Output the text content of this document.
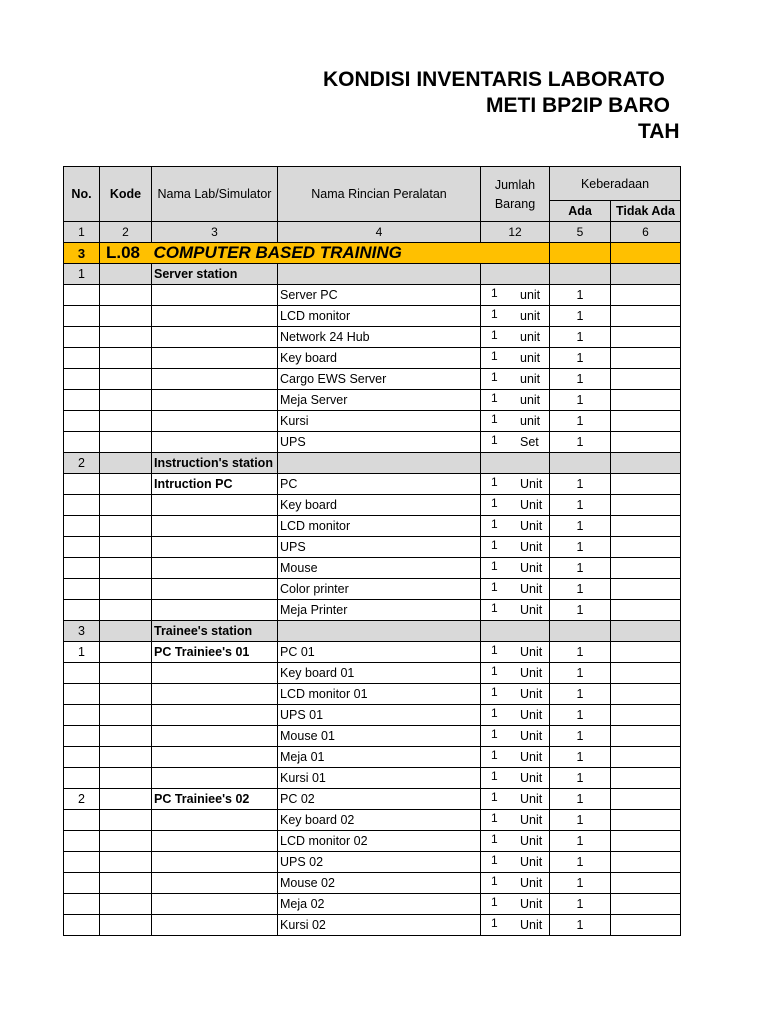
KONDISI INVENTARIS LABORATO
METI BP2IP BARO
TAH
No.	Kode	Nama Lab/Simulator	Nama Rincian Peralatan	Jumlah
Barang	Keberadaan	
					Ada	Tidak Ada
1	2	3	4	12	5	6
3	L.08	COMPUTER BASED TRAINING				
1		Server station				
			Server PC	1 unit	1	
			LCD monitor	1 unit	1	
			Network 24 Hub	1 unit	1	
			Key board	1 unit	1	
			Cargo EWS Server	1 unit	1	
			Meja Server	1 unit	1	
			Kursi	1 unit	1	
			UPS	1 Set	1	
2		Instruction's station				
		Intruction PC	PC	1 Unit	1	
			Key board	1 Unit	1	
			LCD monitor	1 Unit	1	
			UPS	1 Unit	1	
			Mouse	1 Unit	1	
			Color printer	1 Unit	1	
			Meja Printer	1 Unit	1	
3		Trainee's station				
1		PC Trainiee's 01	PC 01	1 Unit	1	
			Key board 01	1 Unit	1	
			LCD monitor 01	1 Unit	1	
			UPS 01	1 Unit	1	
			Mouse 01	1 Unit	1	
			Meja 01	1 Unit	1	
			Kursi 01	1 Unit	1	
2		PC Trainiee's 02	PC 02	1 Unit	1	
			Key board 02	1 Unit	1	
			LCD monitor 02	1 Unit	1	
			UPS 02	1 Unit	1	
			Mouse 02	1 Unit	1	
			Meja 02	1 Unit	1	
			Kursi 02	1 Unit	1	
